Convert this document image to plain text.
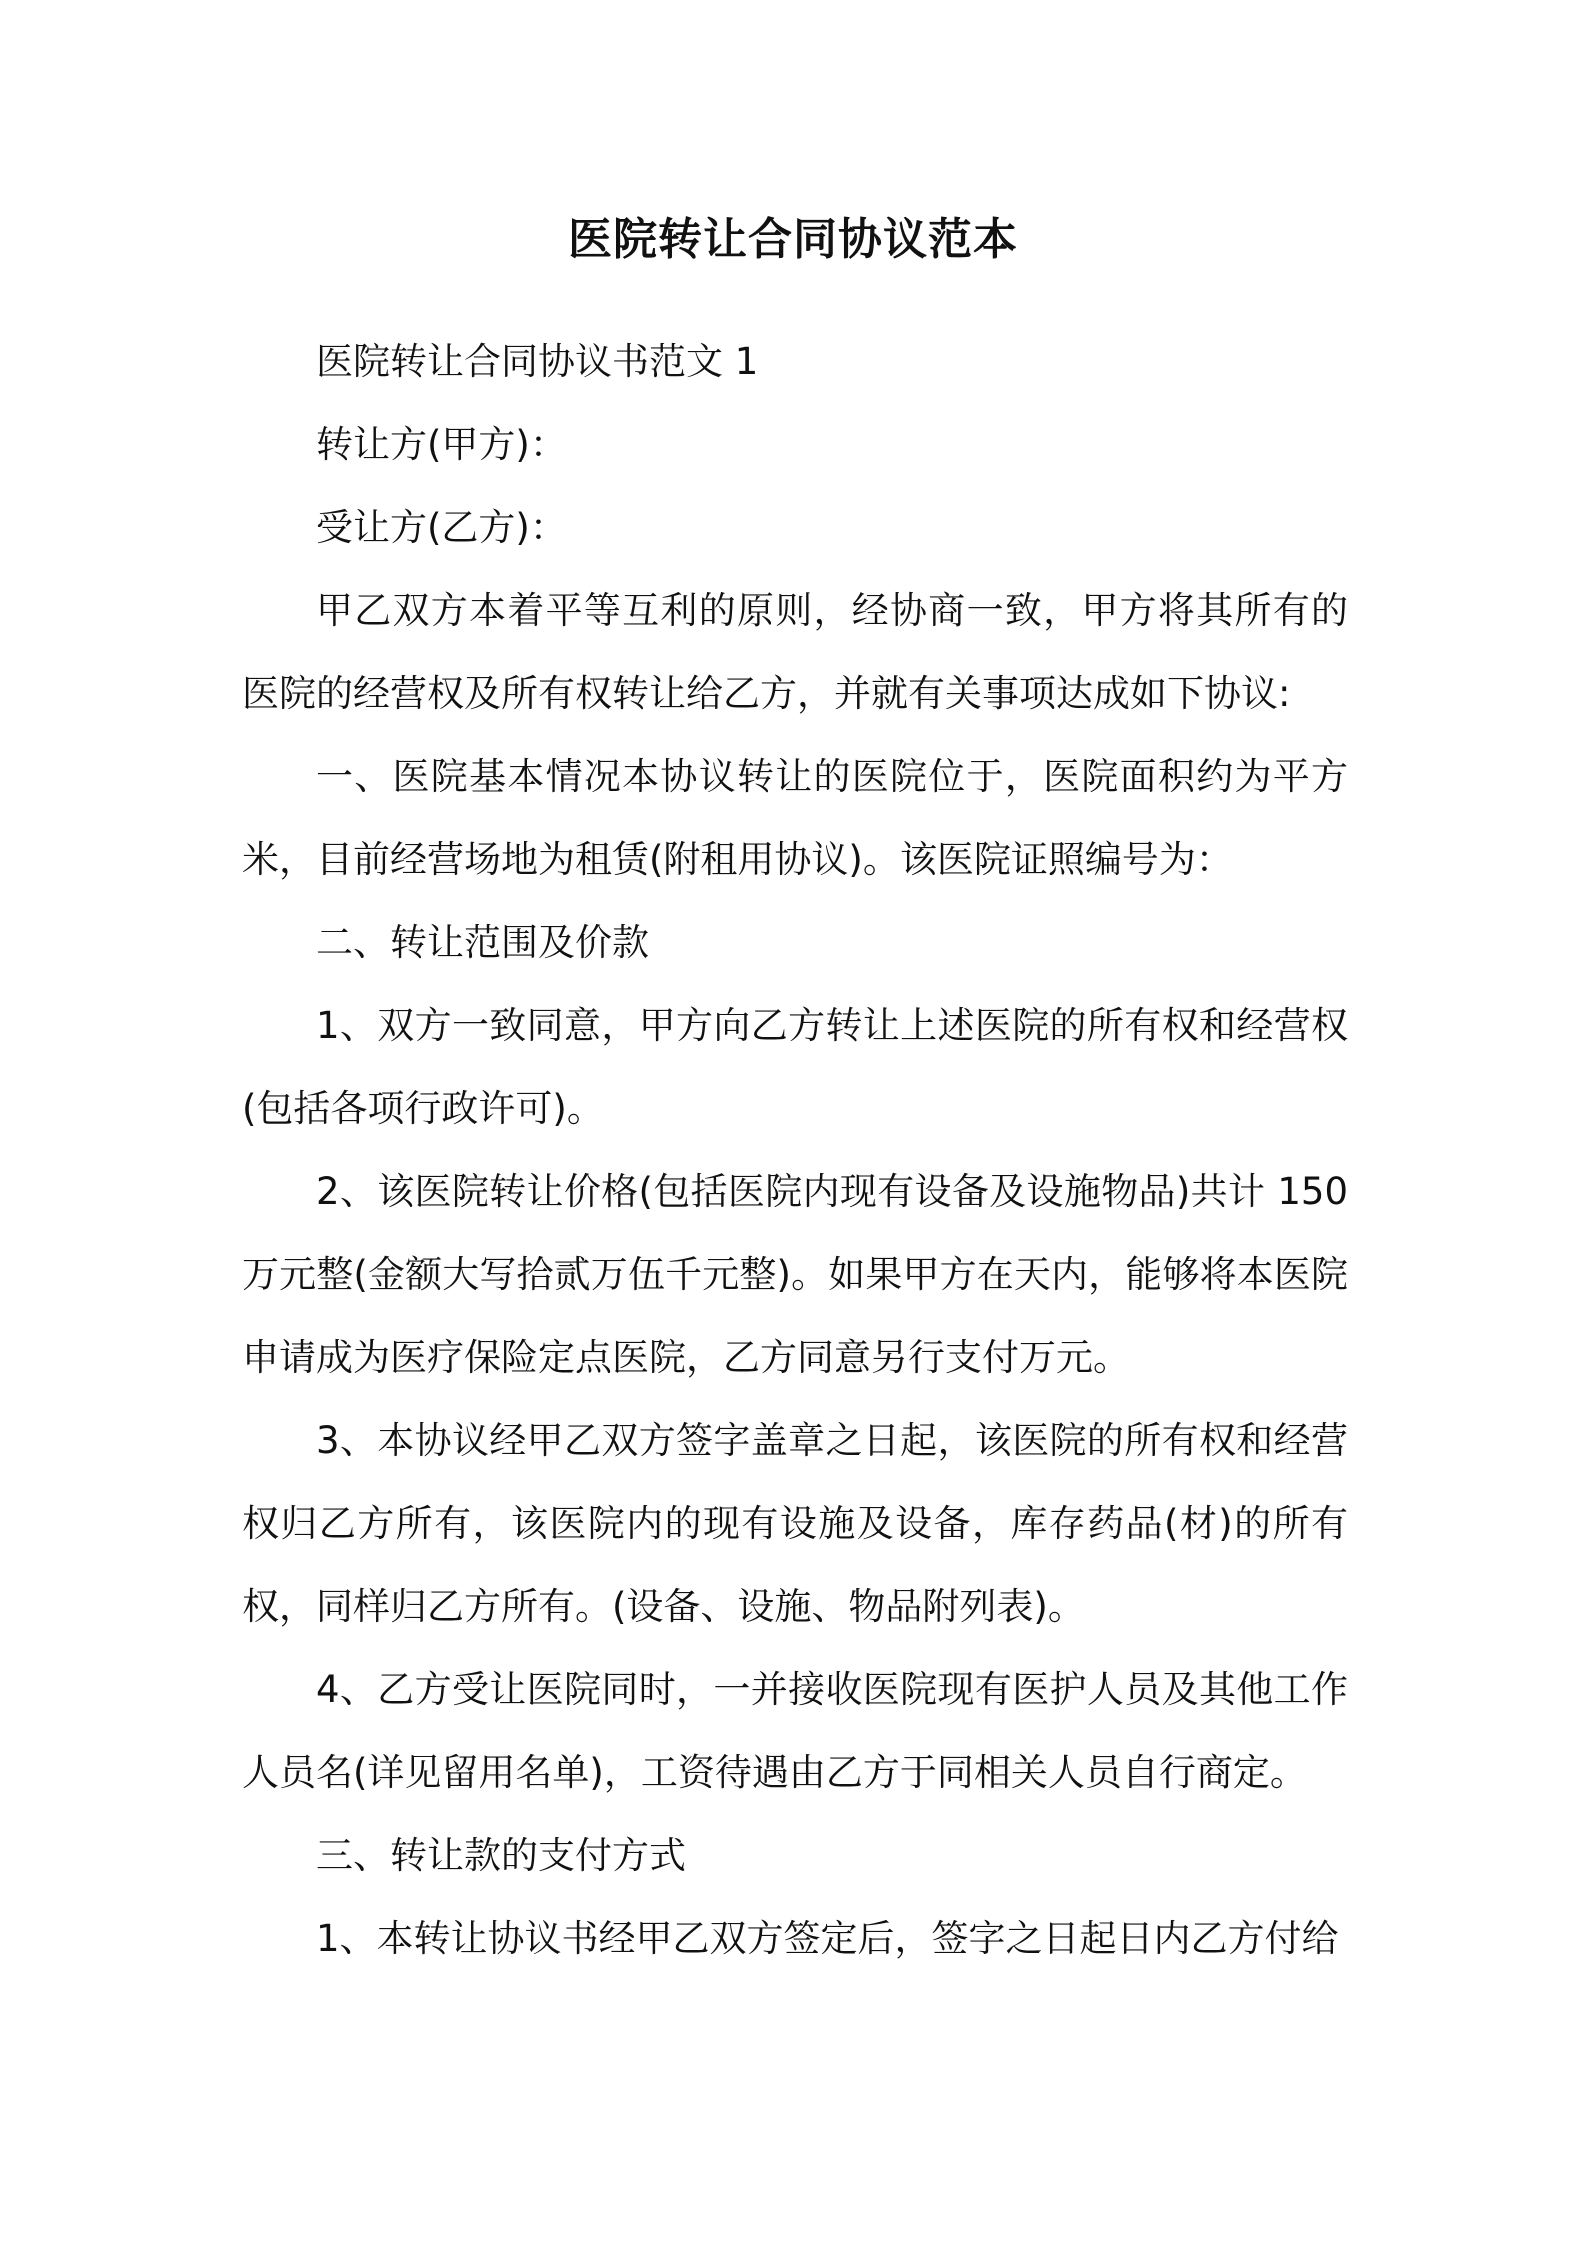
医院转让合同协议范本

医院转让合同协议书范文 1

转让方(甲方)：

受让方(乙方)：

甲乙双方本着平等互利的原则，经协商一致，甲方将其所有的医院的经营权及所有权转让给乙方，并就有关事项达成如下协议:

一、医院基本情况本协议转让的医院位于，医院面积约为平方米，目前经营场地为租赁(附租用协议)。该医院证照编号为：

二、转让范围及价款

1、双方一致同意，甲方向乙方转让上述医院的所有权和经营权(包括各项行政许可)。

2、该医院转让价格(包括医院内现有设备及设施物品)共计 150 万元整(金额大写拾贰万伍千元整)。如果甲方在天内，能够将本医院申请成为医疗保险定点医院，乙方同意另行支付万元。

3、本协议经甲乙双方签字盖章之日起，该医院的所有权和经营权归乙方所有，该医院内的现有设施及设备，库存药品(材)的所有权，同样归乙方所有。(设备、设施、物品附列表)。

4、乙方受让医院同时，一并接收医院现有医护人员及其他工作人员名(详见留用名单)，工资待遇由乙方于同相关人员自行商定。

三、转让款的支付方式

1、本转让协议书经甲乙双方签定后，签字之日起日内乙方付给
